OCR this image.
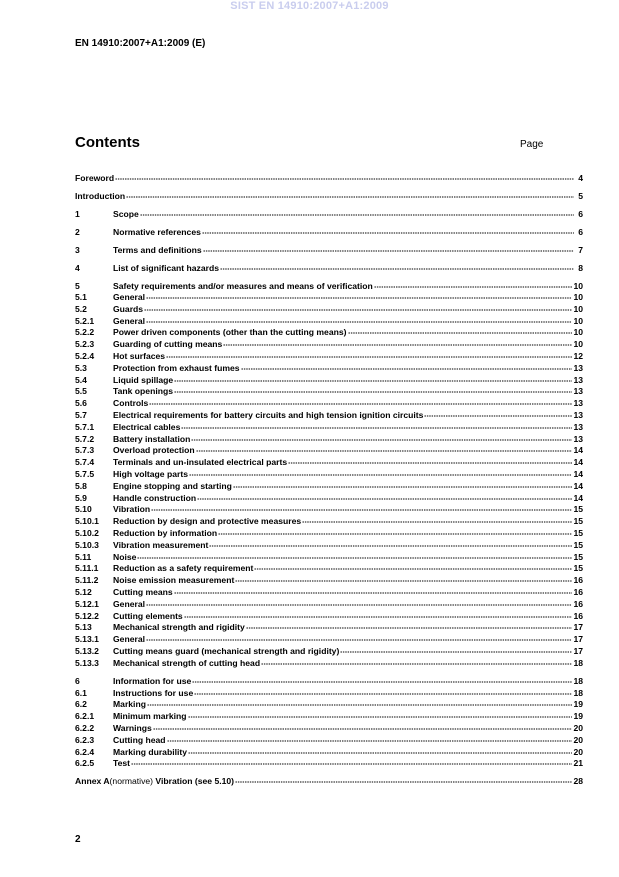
SIST EN 14910:2007+A1:2009
EN 14910:2007+A1:2009 (E)
Contents	Page
Foreword	4
Introduction	5
1	Scope	6
2	Normative references	6
3	Terms and definitions	7
4	List of significant hazards	8
5	Safety requirements and/or measures and means of verification	10
5.1	General	10
5.2	Guards	10
5.2.1	General	10
5.2.2	Power driven components (other than the cutting means)	10
5.2.3	Guarding of cutting means	10
5.2.4	Hot surfaces	12
5.3	Protection from exhaust fumes	13
5.4	Liquid spillage	13
5.5	Tank openings	13
5.6	Controls	13
5.7	Electrical requirements for battery circuits and high tension ignition circuits	13
5.7.1	Electrical cables	13
5.7.2	Battery installation	13
5.7.3	Overload protection	14
5.7.4	Terminals and un-insulated electrical parts	14
5.7.5	High voltage parts	14
5.8	Engine stopping and starting	14
5.9	Handle construction	14
5.10	Vibration	15
5.10.1	Reduction by design and protective measures	15
5.10.2	Reduction by information	15
5.10.3	Vibration measurement	15
5.11	Noise	15
5.11.1	Reduction as a safety requirement	15
5.11.2	Noise emission measurement	16
5.12	Cutting means	16
5.12.1	General	16
5.12.2	Cutting elements	16
5.13	Mechanical strength and rigidity	17
5.13.1	General	17
5.13.2	Cutting means guard (mechanical strength and rigidity)	17
5.13.3	Mechanical strength of cutting head	18
6	Information for use	18
6.1	Instructions for use	18
6.2	Marking	19
6.2.1	Minimum marking	19
6.2.2	Warnings	20
6.2.3	Cutting head	20
6.2.4	Marking durability	20
6.2.5	Test	21
Annex A (normative) Vibration (see 5.10)	28
2
